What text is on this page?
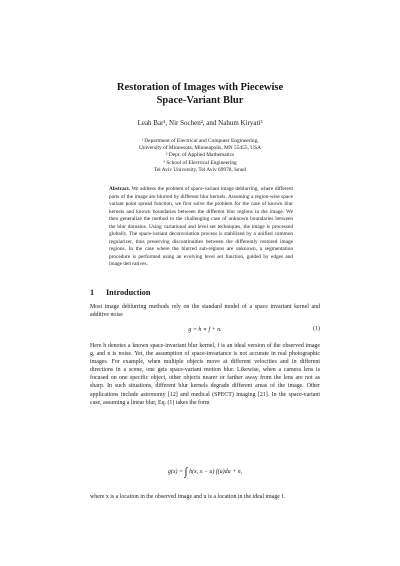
Restoration of Images with Piecewise
Space-Variant Blur
Leah Bar¹, Nir Sochen², and Nahum Kiryati³
¹ Department of Electrical and Computer Engineering,
University of Minnesota, Minneapolis, MN 55455, USA
² Dept. of Applied Mathematics
³ School of Electrical Engineering
Tel Aviv University, Tel Aviv 69978, Israel
Abstract. We address the problem of space-variant image deblurring, where different parts of the image are blurred by different blur kernels. Assuming a region-wise space variant point spread function, we first solve the problem for the case of known blur kernels and known boundaries between the different blur regions in the image. We then generalize the method to the challenging case of unknown boundaries between the blur domains. Using variational and level set techniques, the image is processed globally. The space-variant deconvolution process is stabilized by a unified common regularizer, thus preserving discontinuities between the differently restored image regions. In the case where the blurred sub-regions are unknown, a segmentation procedure is performed using an evolving level set function, guided by edges and image derivatives.
1 Introduction
Most image deblurring methods rely on the standard model of a space invariant kernel and additive noise
g = h ∗ f + n.	(1)
Here h denotes a known space-invariant blur kernel, f is an ideal version of the observed image g, and n is noise. Yet, the assumption of space-invariance is not accurate in real photographic images. For example, when multiple objects move at different velocities and in different directions in a scene, one gets space-variant motion blur. Likewise, when a camera lens is focused on one specific object, other objects nearer or farther away from the lens are not as sharp. In such situations, different blur kernels degrade different areas of the image. Other applications include astronomy [12] and medical (SPECT) imaging [21]. In the space-variant case, assuming a linear blur, Eq. (1) takes the form
g(x) = ∫ h(x, x − u) f(u)du + n,
where x is a location in the observed image and u is a location in the ideal image f.
